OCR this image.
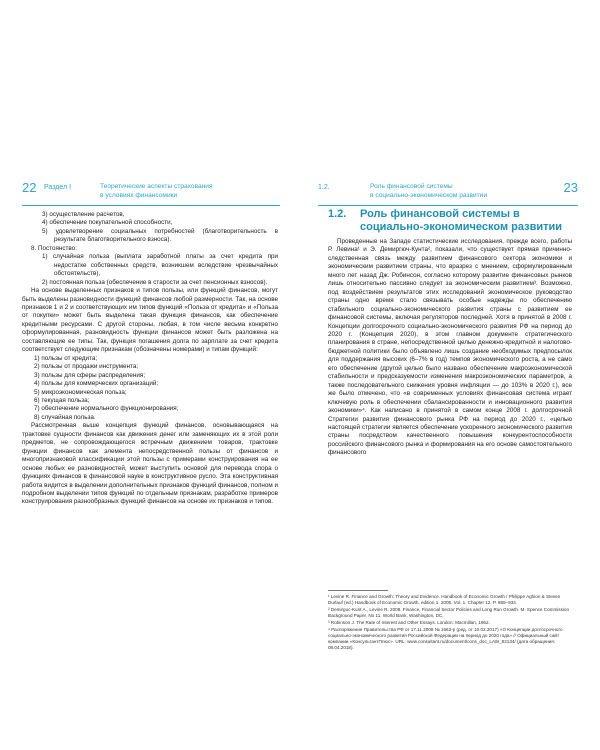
22 Раздел I	Теоретические аспекты страхования
в условиях финансомики

3) осуществление расчетов,

4) обеспечение покупательной способности,

5) удовлетворение социальных потребностей (благотворительность в результате благотворительного взноса).

8. Постоянство:

1) случайная польза (выплата заработной платы за счет кредита при недостатке собственных средств, возникшем вследствие чрезвычайных обстоятельств),

2) постоянная польза (обеспечение в старости за счет пенсионных взносов).

На основе выделенных признаков и типов пользы, или функций финансов, могут быть выделены разновидности функций финансов любой размерности. Так, на основе признаков 1 и 2 и соответствующих им типов функций «Польза от кредита» и «Польза от покупки» может быть выделена такая функция финансов, как обеспечение кредитными ресурсами. С другой стороны, любая, в том числе весьма конкретно сформулированная, разновидность функции финансов может быть разложена на составляющие ее типы. Так, функция погашения долга по зарплате за счет кредита соответствует следующим признакам (обозначены номерами) и типам функций:

1) пользы от кредита;

2) пользы от продажи инструмента;

3) пользы для сферы распределения;

4) пользы для коммерческих организаций;

5) микроэкономическая польза;

6) текущая польза;

7) обеспечение нормального функционирования;

8) случайная польза.

Рассмотренная выше концепция функций финансов, основывающаяся на трактовке сущности финансов как движения денег или заменяющих их в этой роли предметов, не сопровождающегося встречным движением товаров, трактовке функции финансов как элемента непосредственной пользы от финансов и многопризнаковой классификации этой пользы с примерами конструирования на ее основе любых ее разновидностей, может выступить основой для перевода спора о функциях финансов в финансовой науке в конструктивное русло. Эта конструктивная работа видится в выделении дополнительных признаков функций финансов, полном и подробном выделении типов функций по отдельным признакам, разработке примеров конструирования разнообразных функций финансов на основе их признаков и типов.

1.2.	Роль финансовой системы
в социально-экономическом развитии
23
1.2. Роль финансовой системы в социально-экономическом развитии

Проведенные на Западе статистические исследования, прежде всего, работы Р. Левина¹ и Э. Демиргюч-Кунта², показали, что существует прямая причинно-следственная связь между развитием финансового сектора экономики и экономическим развитием страны, что вразрез с мнением, сформулированным много лет назад Дж. Робинсон, согласно которому развитие финансовых рынков лишь относительно пассивно следует за экономическим развитием³. Возможно, под воздействием результатов этих исследований экономическое руководство страны одно время стало связывать особые надежды по обеспечению стабильного социально-экономического развития страны с развитием ее финансовой системы, включая регуляторов последней. Хотя в принятой в 2008 г. Концепции долгосрочного социально-экономического развития РФ на период до 2020 г. (Концепция 2020), в этом главном документе стратегического планирования в стране, непосредственной целью денежно-кредитной и налогово-бюджетной политики было объявлено лишь создание необходимых предпосылок для поддержания высоких (6–7% в год) темпов экономического роста, а не само его обеспечение (другой целью было названо обеспечение макроэкономической стабильности и предсказуемости изменения макроэкономических параметров, а также последовательного снижения уровня инфляции — до 103% в 2020 г.), все же было отмечено, что «в современных условиях финансовая система играет ключевую роль в обеспечении сбалансированности и инновационного развития экономики»⁴. Как написано в принятой в самом конце 2008 г. долгосрочной Стратегии развития финансового рынка РФ на период до 2020 г., «целью настоящей стратегии является обеспечение ускоренного экономического развития страны посредством качественного повышения конкурентоспособности российского финансового рынка и формирования на его основе самостоятельного финансового

¹ Levine R. Finance and Growth: Theory and Evidence. Handbook of Economic Growth / Philippe Aghion & Steven Durlauf (ed.) Handbook of Economic Growth, edition 1. 2005. Vol. 1. Chapter 12. P. 865–934.

² Demirguc-Kunt A., Levine R. 2008. Finance, Financial Sector Policies and Long Run Growth. M. Spence Commission Background Paper, No 11. World Bank, Washington, DC.

³ Robinson J. The Rate of Interest and Other Essays. London: Macmillan, 1952.

⁴ Распоряжение Правительства РФ от 17.11.2008 № 1662-р (ред. от 10.02.2017) «О Концепции долгосрочного социально-экономического развития Российской Федерации на период до 2020 года» // Официальный сайт компании «КонсультантПлюс». URL: www.consultant.ru/document/cons_doc_LAW_82134/ (дата обращения: 08.04.2018).
